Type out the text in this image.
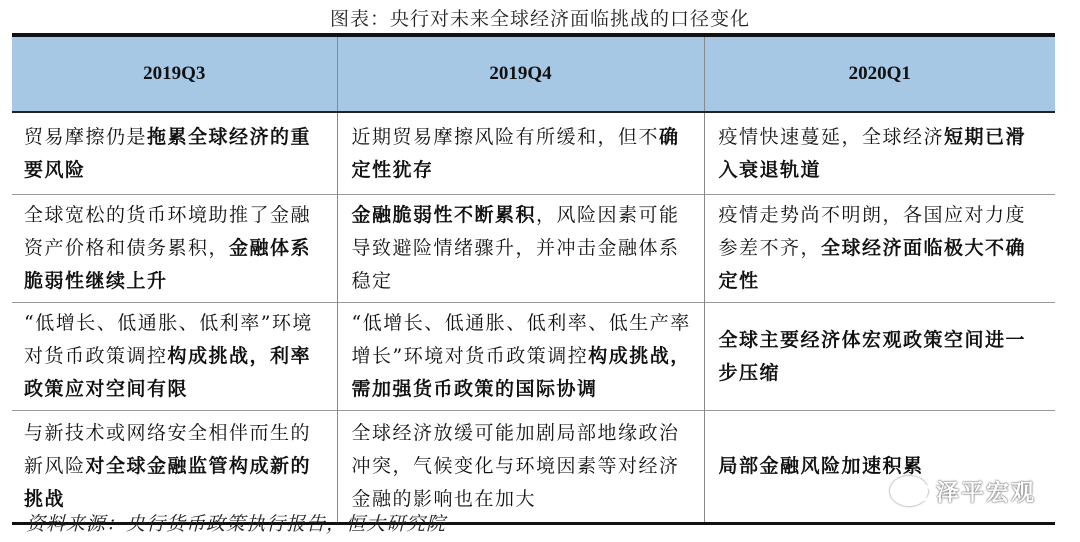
图表：央行对未来全球经济面临挑战的口径变化
2019Q3	2019Q4	2020Q1
贸易摩擦仍是拖累全球经济的重要风险	近期贸易摩擦风险有所缓和，但不确定性犹存	疫情快速蔓延，全球经济短期已滑入衰退轨道
全球宽松的货币环境助推了金融资产价格和债务累积，金融体系脆弱性继续上升	金融脆弱性不断累积，风险因素可能导致避险情绪骤升，并冲击金融体系稳定	疫情走势尚不明朗，各国应对力度参差不齐，全球经济面临极大不确定性
“低增长、低通胀、低利率”环境对货币政策调控构成挑战，利率政策应对空间有限	“低增长、低通胀、低利率、低生产率增长”环境对货币政策调控构成挑战，需加强货币政策的国际协调	全球主要经济体宏观政策空间进一步压缩
与新技术或网络安全相伴而生的新风险对全球金融监管构成新的挑战	全球经济放缓可能加剧局部地缘政治冲突，气候变化与环境因素等对经济金融的影响也在加大	局部金融风险加速积累
资料来源：央行货币政策执行报告，恒大研究院
泽平宏观
